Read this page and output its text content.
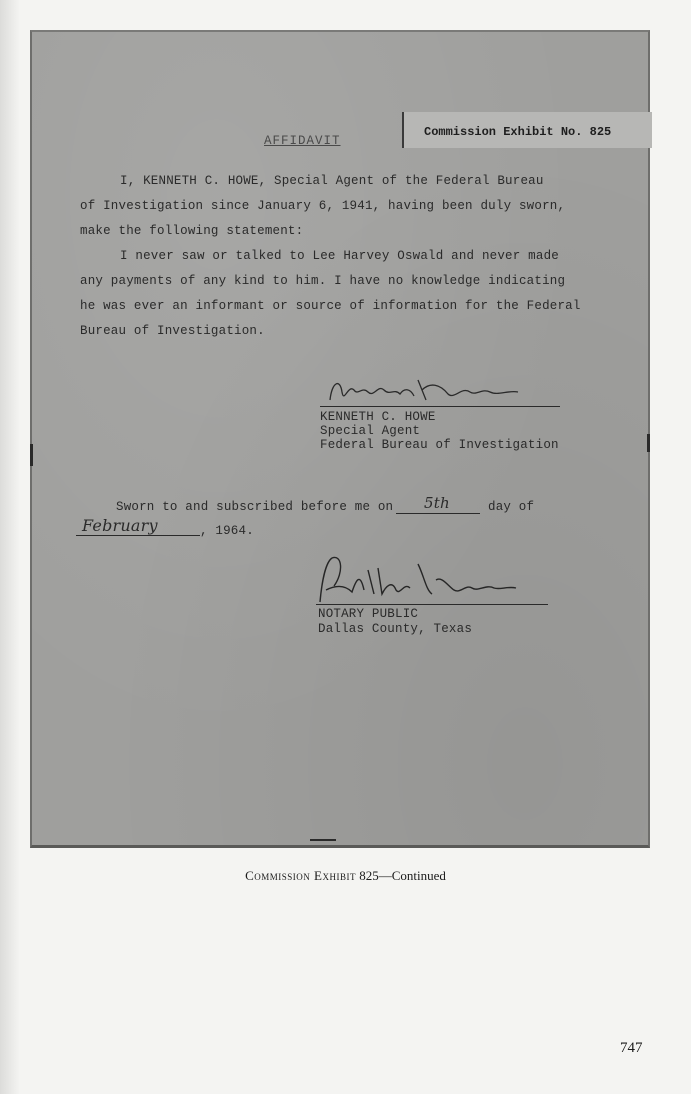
Commission Exhibit No. 825
AFFIDAVIT
I, KENNETH C. HOWE, Special Agent of the Federal Bureau
of Investigation since January 6, 1941, having been duly sworn,
make the following statement:
I never saw or talked to Lee Harvey Oswald and never made
any payments of any kind to him. I have no knowledge indicating
he was ever an informant or source of information for the Federal
Bureau of Investigation.
KENNETH C. HOWE
Special Agent
Federal Bureau of Investigation
Sworn to and subscribed before me on 5th	day of
February	, 1964.
NOTARY PUBLIC
Dallas County, Texas
Commission Exhibit 825—Continued
747
